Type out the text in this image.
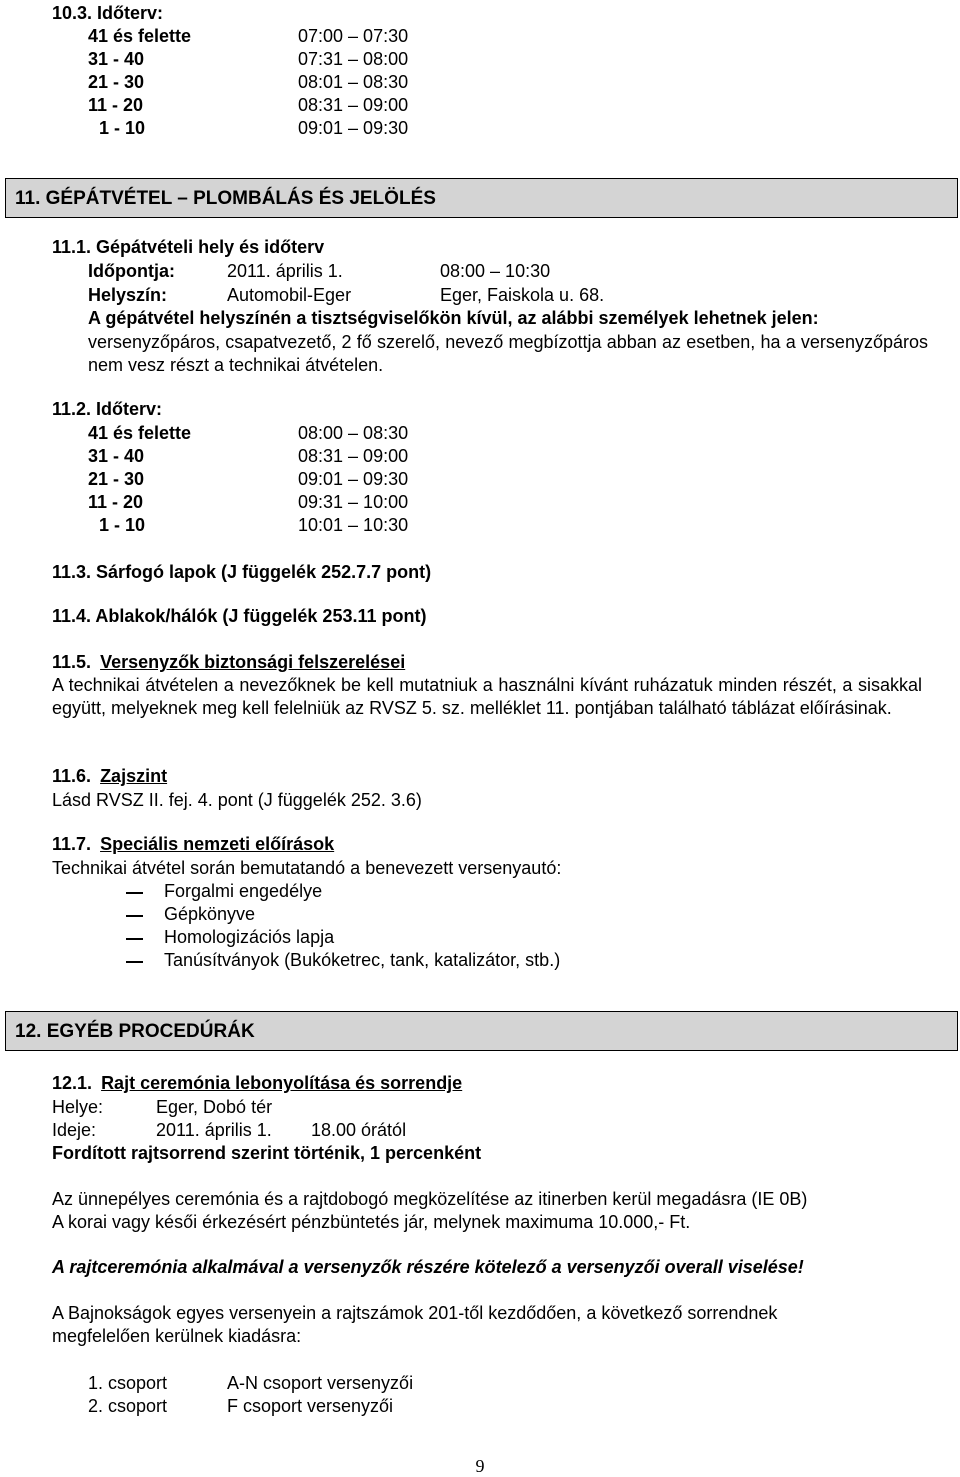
10.3. Időterv:
41 és felette	07:00 – 07:30
31 - 40	07:31 – 08:00
21 - 30	08:01 – 08:30
11 - 20	08:31 – 09:00
1 - 10	09:01 – 09:30
11. GÉPÁTVÉTEL – PLOMBÁLÁS ÉS JELÖLÉS
11.1. Gépátvételi hely és időterv
Időpontja:	2011. április 1.	08:00 – 10:30
Helyszín:	Automobil-Eger	Eger, Faiskola u. 68.
A gépátvétel helyszínén a tisztségviselőkön kívül, az alábbi személyek lehetnek jelen:
versenyzőpáros, csapatvezető, 2 fő szerelő, nevező megbízottja abban az esetben, ha a versenyzőpáros nem vesz részt a technikai átvételen.
11.2. Időterv:
41 és felette	08:00 – 08:30
31 - 40	08:31 – 09:00
21 - 30	09:01 – 09:30
11 - 20	09:31 – 10:00
1 - 10	10:01 – 10:30
11.3. Sárfogó lapok (J függelék 252.7.7 pont)
11.4. Ablakok/hálók (J függelék 253.11 pont)
11.5. Versenyzők biztonsági felszerelései
A technikai átvételen a nevezőknek be kell mutatniuk a használni kívánt ruházatuk minden részét, a sisakkal együtt, melyeknek meg kell felelniük az RVSZ 5. sz. melléklet 11. pontjában található táblázat előírásinak.
11.6. Zajszint
Lásd RVSZ II. fej. 4. pont (J függelék 252. 3.6)
11.7. Speciális nemzeti előírások
Technikai átvétel során bemutatandó a benevezett versenyautó:
Forgalmi engedélye
Gépkönyve
Homologizációs lapja
Tanúsítványok (Bukóketrec, tank, katalizátor, stb.)
12. EGYÉB PROCEDÚRÁK
12.1. Rajt ceremónia lebonyolítása és sorrendje
Helye:	Eger, Dobó tér
Ideje:	2011. április 1. 18.00 órától
Fordított rajtsorrend szerint történik, 1 percenként
Az ünnepélyes ceremónia és a rajtdobogó megközelítése az itinerben kerül megadásra (IE 0B)
A korai vagy késői érkezésért pénzbüntetés jár, melynek maximuma 10.000,- Ft.
A rajtceremónia alkalmával a versenyzők részére kötelező a versenyzői overall viselése!
A Bajnokságok egyes versenyein a rajtszámok 201-től kezdődően, a következő sorrendnek megfelelően kerülnek kiadásra:
1. csoport	A-N csoport versenyzői
2. csoport	F csoport versenyzői
9
